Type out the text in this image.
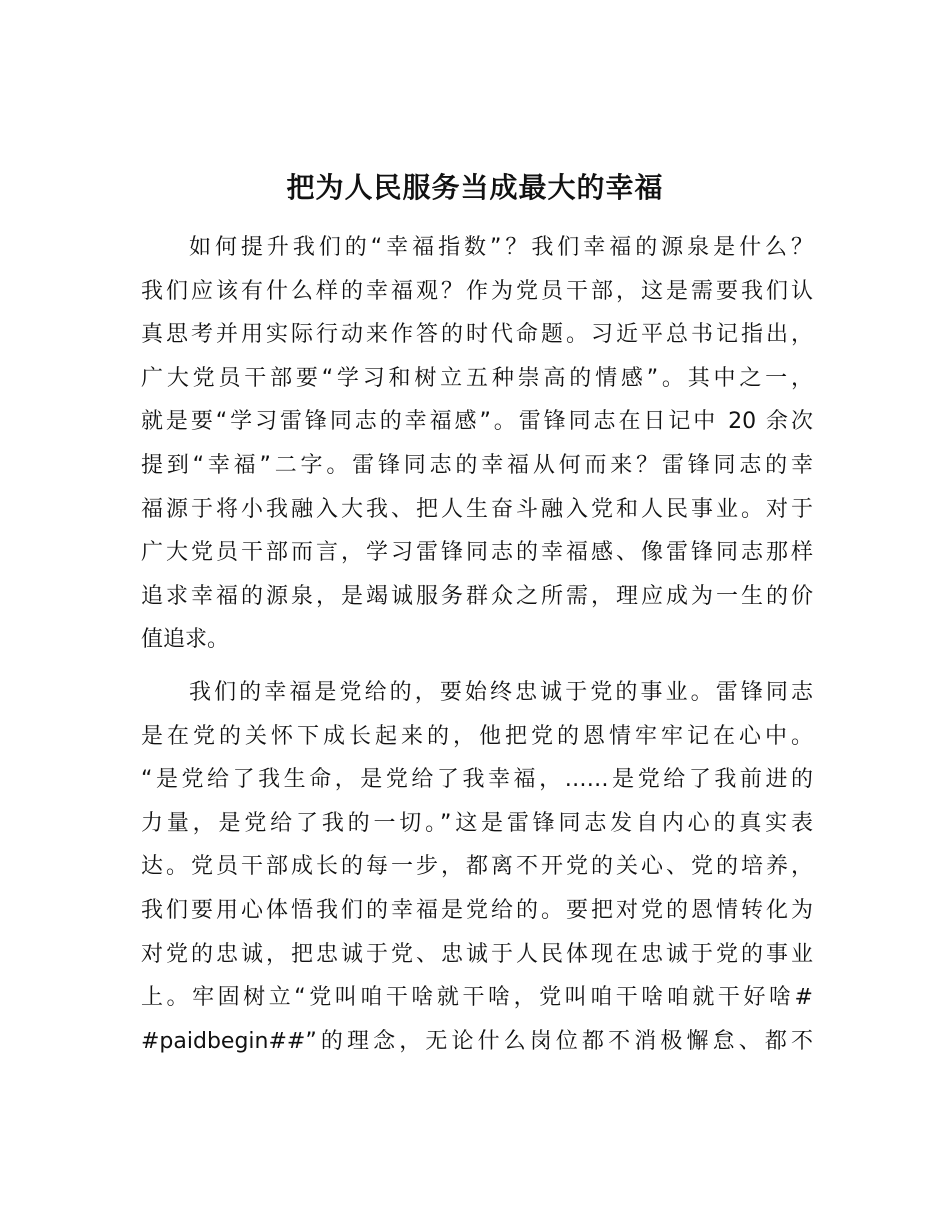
把为人民服务当成最大的幸福
如何提升我们的“幸福指数”？我们幸福的源泉是什么？
我们应该有什么样的幸福观？作为党员干部，这是需要我们认
真思考并用实际行动来作答的时代命题。习近平总书记指出，
广大党员干部要“学习和树立五种崇高的情感”。其中之一，
就是要“学习雷锋同志的幸福感”。雷锋同志在日记中 20 余次
提到“幸福”二字。雷锋同志的幸福从何而来？雷锋同志的幸
福源于将小我融入大我、把人生奋斗融入党和人民事业。对于
广大党员干部而言，学习雷锋同志的幸福感、像雷锋同志那样
追求幸福的源泉，是竭诚服务群众之所需，理应成为一生的价
值追求。
我们的幸福是党给的，要始终忠诚于党的事业。雷锋同志
是在党的关怀下成长起来的，他把党的恩情牢牢记在心中。
“是党给了我生命，是党给了我幸福，……是党给了我前进的
力量，是党给了我的一切。”这是雷锋同志发自内心的真实表
达。党员干部成长的每一步，都离不开党的关心、党的培养，
我们要用心体悟我们的幸福是党给的。要把对党的恩情转化为
对党的忠诚，把忠诚于党、忠诚于人民体现在忠诚于党的事业
上。牢固树立“党叫咱干啥就干啥，党叫咱干啥咱就干好啥#
#paidbegin##”的理念，无论什么岗位都不消极懈怠、都不
